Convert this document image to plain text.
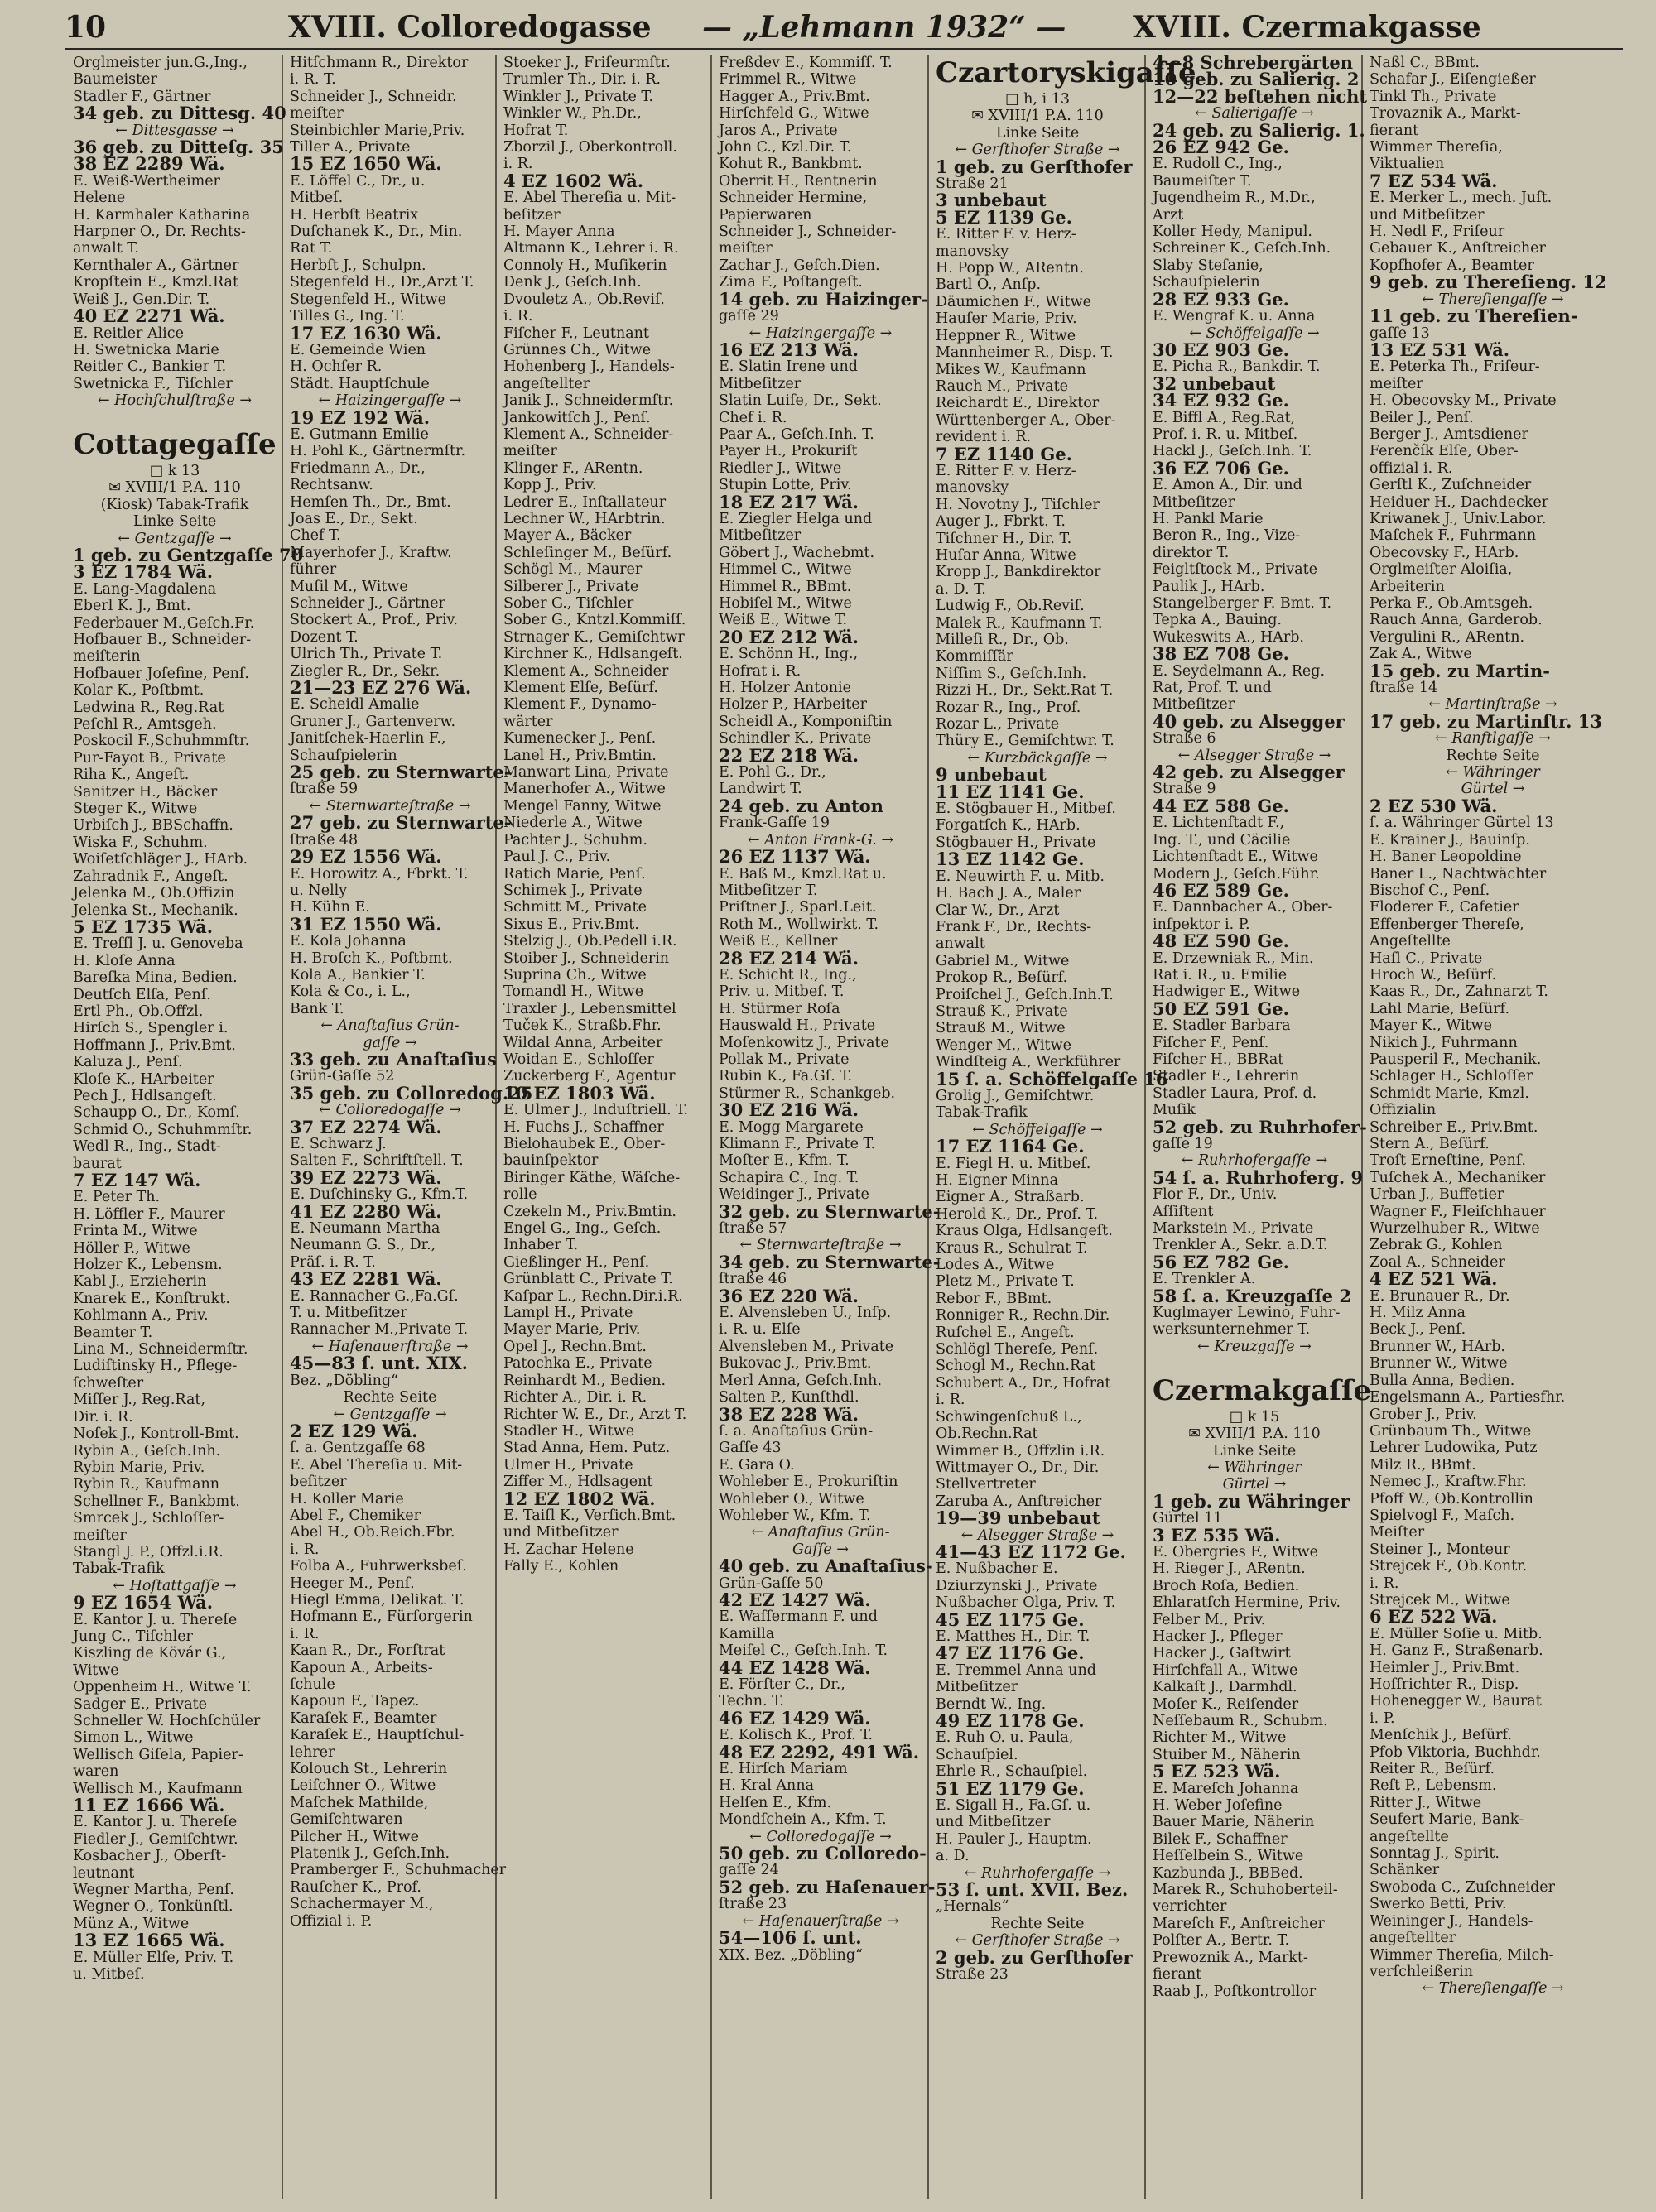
10	XVIII. Colloredogasse — „Lehmann 1932“ — XVIII. Czermakgasse
Orglmeister jun.G.,Ing.,
Baumeister
Stadler F., Gärtner
34 geb. zu Dittesg. 40
← Dittesgasse →
36 geb. zu Ditteſg. 35
38 EZ 2289 Wä.
E. Weiß-Wertheimer
Helene
H. Karmhaler Katharina
Harpner O., Dr. Rechts-
anwalt T.
Kernthaler A., Gärtner
Kropſtein E., Kmzl.Rat
Weiß J., Gen.Dir. T.
40 EZ 2271 Wä.
E. Reitler Alice
H. Swetnicka Marie
Reitler C., Bankier T.
Swetnicka F., Tiſchler
← Hochſchulſtraße →

Cottagegaſſe
□ k 13
✉ XVIII/1 P.A. 110
(Kiosk) Tabak-Trafik
Linke Seite
← Gentzgaſſe →
1 geb. zu Gentzgaſſe 70
3 EZ 1784 Wä.
E. Lang-Magdalena
Eberl K. J., Bmt.
Federbauer M.,Geſch.Fr.
Hofbauer B., Schneider-
meiſterin
Hofbauer Joſefine, Penſ.
Kolar K., Poſtbmt.
Ledwina R., Reg.Rat
Peſchl R., Amtsgeh.
Poskocil F.,Schuhmmſtr.
Pur-Fayot B., Private
Riha K., Angeſt.
Sanitzer H., Bäcker
Steger K., Witwe
Urbiſch J., BBSchaffn.
Wiska F., Schuhm.
Woiſetſchläger J., HArb.
Zahradnik F., Angeſt.
Jelenka M., Ob.Offizin
Jelenka St., Mechanik.
5 EZ 1735 Wä.
E. Treſſl J. u. Genoveba
H. Kloſe Anna
Bareſka Mina, Bedien.
Deutſch Elſa, Penſ.
Ertl Ph., Ob.Offzl.
Hirſch S., Spengler i.
Hoffmann J., Priv.Bmt.
Kaluza J., Penſ.
Kloſe K., HArbeiter
Pech J., Hdlsangeſt.
Schaupp O., Dr., Komſ.
Schmid O., Schuhmmſtr.
Wedl R., Ing., Stadt-
baurat
7 EZ 147 Wä.
E. Peter Th.
H. Löffler F., Maurer
Frinta M., Witwe
Höller P., Witwe
Holzer K., Lebensm.
Kabl J., Erzieherin
Knarek E., Konſtrukt.
Kohlmann A., Priv.
Beamter T.
Lina M., Schneidermſtr.
Ludiſtinsky H., Pflege-
ſchweſter
Miſſer J., Reg.Rat,
Dir. i. R.
Noſek J., Kontroll-Bmt.
Rybin A., Geſch.Inh.
Rybin Marie, Priv.
Rybin R., Kaufmann
Schellner F., Bankbmt.
Smrcek J., Schloſſer-
meiſter
Stangl J. P., Offzl.i.R.
Tabak-Trafik
← Hoſtattgaſſe →
9 EZ 1654 Wä.
E. Kantor J. u. Thereſe
Jung C., Tiſchler
Kiszling de Kövár G.,
Witwe
Oppenheim H., Witwe T.
Sadger E., Private
Schneller W. Hochſchüler
Simon L., Witwe
Wellisch Giſela, Papier-
waren
Wellisch M., Kaufmann
11 EZ 1666 Wä.
E. Kantor J. u. Thereſe
Fiedler J., Gemiſchtwr.
Kosbacher J., Oberſt-
leutnant
Wegner Martha, Penſ.
Wegner O., Tonkünſtl.
Münz A., Witwe
13 EZ 1665 Wä.
E. Müller Elſe, Priv. T.
u. Mitbeſ.
Hitſchmann R., Direktor
i. R. T.
Schneider J., Schneidr.
meiſter
Steinbichler Marie,Priv.
Tiller A., Private
15 EZ 1650 Wä.
E. Löffel C., Dr., u.
Mitbeſ.
H. Herbſt Beatrix
Duſchanek K., Dr., Min.
Rat T.
Herbſt J., Schulpn.
Stegenfeld H., Dr.,Arzt T.
Stegenfeld H., Witwe
Tilles G., Ing. T.
17 EZ 1630 Wä.
E. Gemeinde Wien
H. Ochſer R.
Städt. Hauptſchule
← Haizingergaſſe →
19 EZ 192 Wä.
E. Gutmann Emilie
H. Pohl K., Gärtnermſtr.
Friedmann A., Dr.,
Rechtsanw.
Hemſen Th., Dr., Bmt.
Joas E., Dr., Sekt.
Chef T.
Mayerhofer J., Kraftw.
führer
Muſil M., Witwe
Schneider J., Gärtner
Stockert A., Prof., Priv.
Dozent T.
Ulrich Th., Private T.
Ziegler R., Dr., Sekr.
21—23 EZ 276 Wä.
E. Scheidl Amalie
Gruner J., Gartenverw.
Janitſchek-Haerlin F.,
Schauſpielerin
25 geb. zu Sternwarte-
ſtraße 59
← Sternwarteſtraße →
27 geb. zu Sternwarte-
ſtraße 48
29 EZ 1556 Wä.
E. Horowitz A., Fbrkt. T.
u. Nelly
H. Kühn E.
31 EZ 1550 Wä.
E. Kola Johanna
H. Broſch K., Poſtbmt.
Kola A., Bankier T.
Kola & Co., i. L.,
Bank T.
← Anaſtaſius Grün-
gaſſe →
33 geb. zu Anaſtaſius
Grün-Gaſſe 52
35 geb. zu Colloredog.25
← Colloredogaſſe →
37 EZ 2274 Wä.
E. Schwarz J.
Salten F., Schriftſtell. T.
39 EZ 2273 Wä.
E. Duſchinsky G., Kfm.T.
41 EZ 2280 Wä.
E. Neumann Martha
Neumann G. S., Dr.,
Präſ. i. R. T.
43 EZ 2281 Wä.
E. Rannacher G.,Fa.Gſ.
T. u. Mitbeſitzer
Rannacher M.,Private T.
← Haſenauerſtraße →
45—83 ſ. unt. XIX.
Bez. „Döbling“
Rechte Seite
← Gentzgaſſe →
2 EZ 129 Wä.
ſ. a. Gentzgaſſe 68
E. Abel Thereſia u. Mit-
beſitzer
H. Koller Marie
Abel F., Chemiker
Abel H., Ob.Reich.Fbr.
i. R.
Folba A., Fuhrwerksbeſ.
Heeger M., Penſ.
Hiegl Emma, Delikat. T.
Hofmann E., Fürſorgerin
i. R.
Kaan R., Dr., Forſtrat
Kapoun A., Arbeits-
ſchule
Kapoun F., Tapez.
Karaſek F., Beamter
Karaſek E., Hauptſchul-
lehrer
Kolouch St., Lehrerin
Leiſchner O., Witwe
Maſchek Mathilde,
Gemiſchtwaren
Pilcher H., Witwe
Platenik J., Geſch.Inh.
Pramberger F., Schuhmacher
Rauſcher K., Prof.
Schachermayer M.,
Offizial i. P.
Stoeker J., Friſeurmſtr.
Trumler Th., Dir. i. R.
Winkler J., Private T.
Winkler W., Ph.Dr.,
Hofrat T.
Zborzil J., Oberkontroll.
i. R.
4 EZ 1602 Wä.
E. Abel Thereſia u. Mit-
beſitzer
H. Mayer Anna
Altmann K., Lehrer i. R.
Connoly H., Muſikerin
Denk J., Geſch.Inh.
Dvouletz A., Ob.Reviſ.
i. R.
Fiſcher F., Leutnant
Grünnes Ch., Witwe
Hohenberg J., Handels-
angeſtellter
Janik J., Schneidermſtr.
Jankowitſch J., Penſ.
Klement A., Schneider-
meiſter
Klinger F., ARentn.
Kopp J., Priv.
Ledrer E., Inſtallateur
Lechner W., HArbtrin.
Mayer A., Bäcker
Schleſinger M., Beſürf.
Schögl M., Maurer
Silberer J., Private
Sober G., Tiſchler
Sober G., Kntzl.Kommiſſ.
Strnager K., Gemiſchtwr
Kirchner K., Hdlsangeſt.
Klement A., Schneider
Klement Elſe, Beſürf.
Klement F., Dynamo-
wärter
Kumenecker J., Penſ.
Lanel H., Priv.Bmtin.
Manwart Lina, Private
Manerhofer A., Witwe
Mengel Fanny, Witwe
Niederle A., Witwe
Pachter J., Schuhm.
Paul J. C., Priv.
Ratich Marie, Penſ.
Schimek J., Private
Schmitt M., Private
Sixus E., Priv.Bmt.
Stelzig J., Ob.Pedell i.R.
Stoiber J., Schneiderin
Suprina Ch., Witwe
Tomandl H., Witwe
Traxler J., Lebensmittel
Tuček K., Straßb.Fhr.
Wildal Anna, Arbeiter
Woidan E., Schloſſer
Zuckerberg F., Agentur
10 EZ 1803 Wä.
E. Ulmer J., Induſtriell. T.
H. Fuchs J., Schaffner
Bielohaubek E., Ober-
bauinſpektor
Biringer Käthe, Wäſche-
rolle
Czekeln M., Priv.Bmtin.
Engel G., Ing., Geſch.
Inhaber T.
Gießlinger H., Penſ.
Grünblatt C., Private T.
Kaſpar L., Rechn.Dir.i.R.
Lampl H., Private
Mayer Marie, Priv.
Opel J., Rechn.Bmt.
Patochka E., Private
Reinhardt M., Bedien.
Richter A., Dir. i. R.
Richter W. E., Dr., Arzt T.
Stadler H., Witwe
Stad Anna, Hem. Putz.
Ulmer H., Private
Ziffer M., Hdlsagent
12 EZ 1802 Wä.
E. Taiſl K., Verſich.Bmt.
und Mitbeſitzer
H. Zachar Helene
Fally E., Kohlen
Freßdev E., Kommiſſ. T.
Frimmel R., Witwe
Hagger A., Priv.Bmt.
Hirſchfeld G., Witwe
Jaros A., Private
John C., Kzl.Dir. T.
Kohut R., Bankbmt.
Oberrit H., Rentnerin
Schneider Hermine,
Papierwaren
Schneider J., Schneider-
meiſter
Zachar J., Geſch.Dien.
Zima F., Poſtangeſt.
14 geb. zu Haizinger-
gaſſe 29
← Haizingergaſſe →
16 EZ 213 Wä.
E. Slatin Irene und
Mitbeſitzer
Slatin Luiſe, Dr., Sekt.
Chef i. R.
Paar A., Geſch.Inh. T.
Payer H., Prokuriſt
Riedler J., Witwe
Stupin Lotte, Priv.
18 EZ 217 Wä.
E. Ziegler Helga und
Mitbeſitzer
Göbert J., Wachebmt.
Himmel C., Witwe
Himmel R., BBmt.
Hobiſel M., Witwe
Weiß E., Witwe T.
20 EZ 212 Wä.
E. Schönn H., Ing.,
Hofrat i. R.
H. Holzer Antonie
Holzer P., HArbeiter
Scheidl A., Komponiſtin
Schindler K., Private
22 EZ 218 Wä.
E. Pohl G., Dr.,
Landwirt T.
24 geb. zu Anton
Frank-Gaſſe 19
← Anton Frank-G. →
26 EZ 1137 Wä.
E. Baß M., Kmzl.Rat u.
Mitbeſitzer T.
Priſtner J., Sparl.Leit.
Roth M., Wollwirkt. T.
Weiß E., Kellner
28 EZ 214 Wä.
E. Schicht R., Ing.,
Priv. u. Mitbeſ. T.
H. Stürmer Roſa
Hauswald H., Private
Moſenkowitz J., Private
Pollak M., Private
Rubin K., Fa.Gſ. T.
Stürmer R., Schankgeb.
30 EZ 216 Wä.
E. Mogg Margarete
Klimann F., Private T.
Moſter E., Kfm. T.
Schapira C., Ing. T.
Weidinger J., Private
32 geb. zu Sternwarte-
ſtraße 57
← Sternwarteſtraße →
34 geb. zu Sternwarte-
ſtraße 46
36 EZ 220 Wä.
E. Alvensleben U., Inſp.
i. R. u. Elſe
Alvensleben M., Private
Bukovac J., Priv.Bmt.
Merl Anna, Geſch.Inh.
Salten P., Kunſthdl.
38 EZ 228 Wä.
ſ. a. Anaſtaſius Grün-
Gaſſe 43
E. Gara O.
Wohleber E., Prokuriſtin
Wohleber O., Witwe
Wohleber W., Kfm. T.
← Anaſtaſius Grün-
Gaſſe →
40 geb. zu Anaſtaſius-
Grün-Gaſſe 50
42 EZ 1427 Wä.
E. Waſſermann F. und
Kamilla
Meiſel C., Geſch.Inh. T.
44 EZ 1428 Wä.
E. Förſter C., Dr.,
Techn. T.
46 EZ 1429 Wä.
E. Kolisch K., Prof. T.
48 EZ 2292, 491 Wä.
E. Hirſch Mariam
H. Kral Anna
Helſen E., Kfm.
Mondſchein A., Kfm. T.
← Colloredogaſſe →
50 geb. zu Colloredo-
gaſſe 24
52 geb. zu Haſenauer-
ſtraße 23
← Haſenauerſtraße →
54—106 ſ. unt.
XIX. Bez. „Döbling“
Czartoryskigaſſe
□ h, i 13
✉ XVIII/1 P.A. 110
Linke Seite
← Gerſthofer Straße →
1 geb. zu Gerſthofer
Straße 21
3 unbebaut
5 EZ 1139 Ge.
E. Ritter F. v. Herz-
manovsky
H. Popp W., ARentn.
Bartl O., Anſp.
Däumichen F., Witwe
Hauſer Marie, Priv.
Heppner R., Witwe
Mannheimer R., Disp. T.
Mikes W., Kaufmann
Rauch M., Private
Reichardt E., Direktor
Württenberger A., Ober-
revident i. R.
7 EZ 1140 Ge.
E. Ritter F. v. Herz-
manovsky
H. Novotny J., Tiſchler
Auger J., Fbrkt. T.
Tiſchner H., Dir. T.
Huſar Anna, Witwe
Kropp J., Bankdirektor
a. D. T.
Ludwig F., Ob.Reviſ.
Malek R., Kaufmann T.
Milleſi R., Dr., Ob.
Kommiſſär
Niſſim S., Geſch.Inh.
Rizzi H., Dr., Sekt.Rat T.
Rozar R., Ing., Prof.
Rozar L., Private
Thüry E., Gemiſchtwr. T.
← Kurzbäckgaſſe →
9 unbebaut
11 EZ 1141 Ge.
E. Stögbauer H., Mitbeſ.
Forgatſch K., HArb.
Stögbauer H., Private
13 EZ 1142 Ge.
E. Neuwirth F. u. Mitb.
H. Bach J. A., Maler
Clar W., Dr., Arzt
Frank F., Dr., Rechts-
anwalt
Gabriel M., Witwe
Prokop R., Beſürf.
Proiſchel J., Geſch.Inh.T.
Strauß K., Private
Strauß M., Witwe
Wenger M., Witwe
Windſteig A., Werkführer
15 ſ. a. Schöffelgaſſe 16
Grolig J., Gemiſchtwr.
Tabak-Trafik
← Schöffelgaſſe →
17 EZ 1164 Ge.
E. Fiegl H. u. Mitbeſ.
H. Eigner Minna
Eigner A., Straßarb.
Herold K., Dr., Prof. T.
Kraus Olga, Hdlsangeſt.
Kraus R., Schulrat T.
Lodes A., Witwe
Pletz M., Private T.
Rebor F., BBmt.
Ronniger R., Rechn.Dir.
Ruſchel E., Angeſt.
Schlögl Thereſe, Penſ.
Schogl M., Rechn.Rat
Schubert A., Dr., Hofrat
i. R.
Schwingenſchuß L.,
Ob.Rechn.Rat
Wimmer B., Offzlin i.R.
Wittmayer O., Dr., Dir.
Stellvertreter
Zaruba A., Anſtreicher
19—39 unbebaut
← Alsegger Straße →
41—43 EZ 1172 Ge.
E. Nußbacher E.
Dziurzynski J., Private
Nußbacher Olga, Priv. T.
45 EZ 1175 Ge.
E. Matthes H., Dir. T.
47 EZ 1176 Ge.
E. Tremmel Anna und
Mitbeſitzer
Berndt W., Ing.
49 EZ 1178 Ge.
E. Ruh O. u. Paula,
Schauſpiel.
Ehrle R., Schauſpiel.
51 EZ 1179 Ge.
E. Sigall H., Fa.Gſ. u.
und Mitbeſitzer
H. Pauler J., Hauptm.
a. D.
← Ruhrhofergaſſe →
53 ſ. unt. XVII. Bez.
„Hernals“
Rechte Seite
← Gerſthofer Straße →
2 geb. zu Gerſthofer
Straße 23
4—8 Schrebergärten
10 geb. zu Salierig. 2
12—22 beſtehen nicht
← Salierigaſſe →
24 geb. zu Salierig. 1.
26 EZ 942 Ge.
E. Rudoll C., Ing.,
Baumeiſter T.
Jugendheim R., M.Dr.,
Arzt
Koller Hedy, Manipul.
Schreiner K., Geſch.Inh.
Slaby Steſanie,
Schauſpielerin
28 EZ 933 Ge.
E. Wengraf K. u. Anna
← Schöffelgaſſe →
30 EZ 903 Ge.
E. Picha R., Bankdir. T.
32 unbebaut
34 EZ 932 Ge.
E. Biffl A., Reg.Rat,
Prof. i. R. u. Mitbeſ.
Hackl J., Geſch.Inh. T.
36 EZ 706 Ge.
E. Amon A., Dir. und
Mitbeſitzer
H. Pankl Marie
Beron R., Ing., Vize-
direktor T.
Feigltſtock M., Private
Paulik J., HArb.
Stangelberger F. Bmt. T.
Tepka A., Bauing.
Wukeswits A., HArb.
38 EZ 708 Ge.
E. Seydelmann A., Reg.
Rat, Prof. T. und
Mitbeſitzer
40 geb. zu Alsegger
Straße 6
← Alsegger Straße →
42 geb. zu Alsegger
Straße 9
44 EZ 588 Ge.
E. Lichtenſtadt F.,
Ing. T., und Cäcilie
Lichtenſtadt E., Witwe
Modern J., Geſch.Führ.
46 EZ 589 Ge.
E. Dannbacher A., Ober-
inſpektor i. P.
48 EZ 590 Ge.
E. Drzewniak R., Min.
Rat i. R., u. Emilie
Hadwiger E., Witwe
50 EZ 591 Ge.
E. Stadler Barbara
Fiſcher F., Penſ.
Fiſcher H., BBRat
Stadler E., Lehrerin
Stadler Laura, Prof. d.
Muſik
52 geb. zu Ruhrhofer-
gaſſe 19
← Ruhrhofergaſſe →
54 ſ. a. Ruhrhoferg. 9
Flor F., Dr., Univ.
Aſſiſtent
Markstein M., Private
Trenkler A., Sekr. a.D.T.
56 EZ 782 Ge.
E. Trenkler A.
58 ſ. a. Kreuzgaſſe 2
Kuglmayer Lewino, Fuhr-
werksunternehmer T.
← Kreuzgaſſe →

Czermakgaſſe
□ k 15
✉ XVIII/1 P.A. 110
Linke Seite
← Währinger
Gürtel →
1 geb. zu Währinger
Gürtel 11
3 EZ 535 Wä.
E. Obergries F., Witwe
H. Rieger J., ARentn.
Broch Roſa, Bedien.
Ehlaratſch Hermine, Priv.
Felber M., Priv.
Hacker J., Pfleger
Hacker J., Gaſtwirt
Hirſchfall A., Witwe
Kalkaſt J., Darmhdl.
Moſer K., Reiſender
Neſſebaum R., Schubm.
Richter M., Witwe
Stuiber M., Näherin
5 EZ 523 Wä.
E. Mareſch Johanna
H. Weber Joſefine
Bauer Marie, Näherin
Bilek F., Schaffner
Heſſelbein S., Witwe
Kazbunda J., BBBed.
Marek R., Schuhoberteil-
verrichter
Mareſch F., Anſtreicher
Polſter A., Bertr. T.
Prewoznik A., Markt-
fierant
Raab J., Poſtkontrollor
Naßl C., BBmt.
Schafar J., Eiſengießer
Tinkl Th., Private
Trovaznik A., Markt-
fierant
Wimmer Thereſia,
Viktualien
7 EZ 534 Wä.
E. Merker L., mech. Juſt.
und Mitbeſitzer
H. Nedl F., Friſeur
Gebauer K., Anſtreicher
Kopfhofer A., Beamter
9 geb. zu Thereſieng. 12
← Thereſiengaſſe →
11 geb. zu Thereſien-
gaſſe 13
13 EZ 531 Wä.
E. Peterka Th., Friſeur-
meiſter
H. Obecovsky M., Private
Beiler J., Penſ.
Berger J., Amtsdiener
Ferenčík Elſe, Ober-
offizial i. R.
Gerſtl K., Zuſchneider
Heiduer H., Dachdecker
Kriwanek J., Univ.Labor.
Maſchek F., Fuhrmann
Obecovsky F., HArb.
Orglmeiſter Aloiſia,
Arbeiterin
Perka F., Ob.Amtsgeh.
Rauch Anna, Garderob.
Vergulini R., ARentn.
Zak A., Witwe
15 geb. zu Martin-
ſtraße 14
← Martinſtraße →
17 geb. zu Martinſtr. 13
← Ranftlgaſſe →
Rechte Seite
← Währinger
Gürtel →
2 EZ 530 Wä.
ſ. a. Währinger Gürtel 13
E. Krainer J., Bauinſp.
H. Baner Leopoldine
Baner L., Nachtwächter
Bischof C., Penſ.
Floderer F., Cafetier
Effenberger Thereſe,
Angeſtellte
Haſl C., Private
Hroch W., Beſürf.
Kaas R., Dr., Zahnarzt T.
Lahl Marie, Beſürf.
Mayer K., Witwe
Nikich J., Fuhrmann
Pausperil F., Mechanik.
Schlager H., Schloſſer
Schmidt Marie, Kmzl.
Offizialin
Schreiber E., Priv.Bmt.
Stern A., Beſürf.
Troſt Erneſtine, Penſ.
Tuſchek A., Mechaniker
Urban J., Buffetier
Wagner F., Fleiſchhauer
Wurzelhuber R., Witwe
Zebrak G., Kohlen
Zoal A., Schneider
4 EZ 521 Wä.
E. Brunauer R., Dr.
H. Milz Anna
Beck J., Penſ.
Brunner W., HArb.
Brunner W., Witwe
Bulla Anna, Bedien.
Engelsmann A., Partiesfhr.
Grober J., Priv.
Grünbaum Th., Witwe
Lehrer Ludowika, Putz
Milz R., BBmt.
Nemec J., Kraftw.Fhr.
Pfoff W., Ob.Kontrollin
Spielvogl F., Maſch.
Meiſter
Steiner J., Monteur
Strejcek F., Ob.Kontr.
i. R.
Strejcek M., Witwe
6 EZ 522 Wä.
E. Müller Soſie u. Mitb.
H. Ganz F., Straßenarb.
Heimler J., Priv.Bmt.
Hoſſrichter R., Disp.
Hohenegger W., Baurat
i. P.
Menſchik J., Beſürf.
Pfob Viktoria, Buchhdr.
Reiter R., Beſürf.
Reſt P., Lebensm.
Ritter J., Witwe
Seufert Marie, Bank-
angeſtellte
Sonntag J., Spirit.
Schänker
Swoboda C., Zuſchneider
Swerko Betti, Priv.
Weininger J., Handels-
angeſtellter
Wimmer Thereſia, Milch-
verſchleißerin
← Thereſiengaſſe →
